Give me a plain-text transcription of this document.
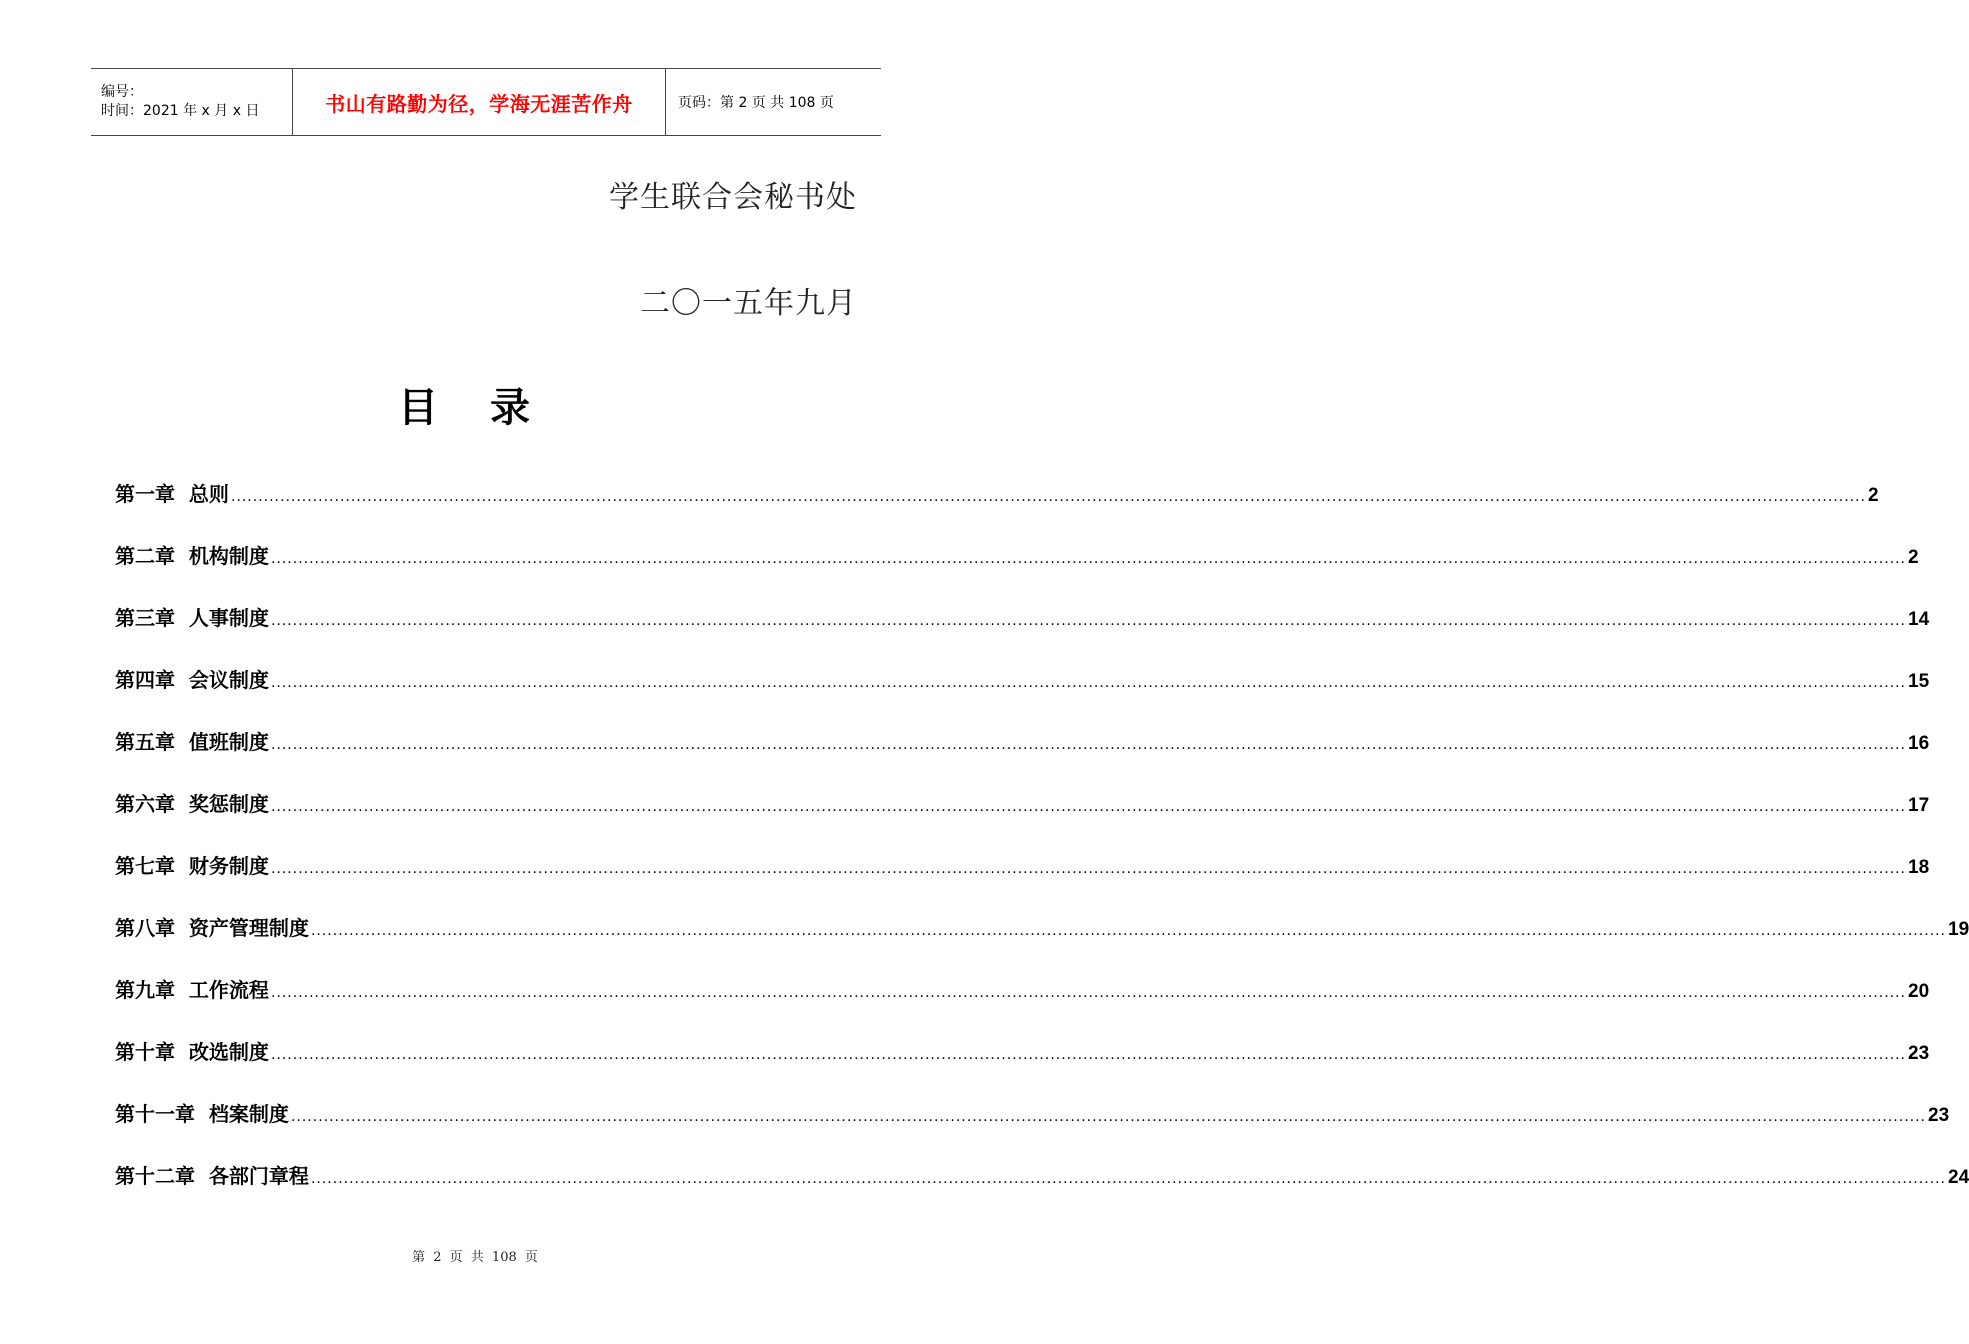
编号：
时间：2021 年 x 月 x 日	书山有路勤为径，学海无涯苦作舟	页码：第 2 页 共 108 页
学生联合会秘书处
二〇一五年九月
目录
第一章  总则 ............................................................................................................................................................................................................................................................................................................ 2
第二章  机构制度 ............................................................................................................................................................................................................................................................................................................ 2
第三章  人事制度 ............................................................................................................................................................................................................................................................................................................ 14
第四章  会议制度 ............................................................................................................................................................................................................................................................................................................ 15
第五章  值班制度 ............................................................................................................................................................................................................................................................................................................ 16
第六章  奖惩制度 ............................................................................................................................................................................................................................................................................................................ 17
第七章  财务制度 ............................................................................................................................................................................................................................................................................................................ 18
第八章  资产管理制度 ............................................................................................................................................................................................................................................................................................................ 19
第九章  工作流程 ............................................................................................................................................................................................................................................................................................................ 20
第十章  改选制度 ............................................................................................................................................................................................................................................................................................................ 23
第十一章  档案制度 ............................................................................................................................................................................................................................................................................................................ 23
第十二章  各部门章程 ............................................................................................................................................................................................................................................................................................................ 24
第 2 页 共 108 页
